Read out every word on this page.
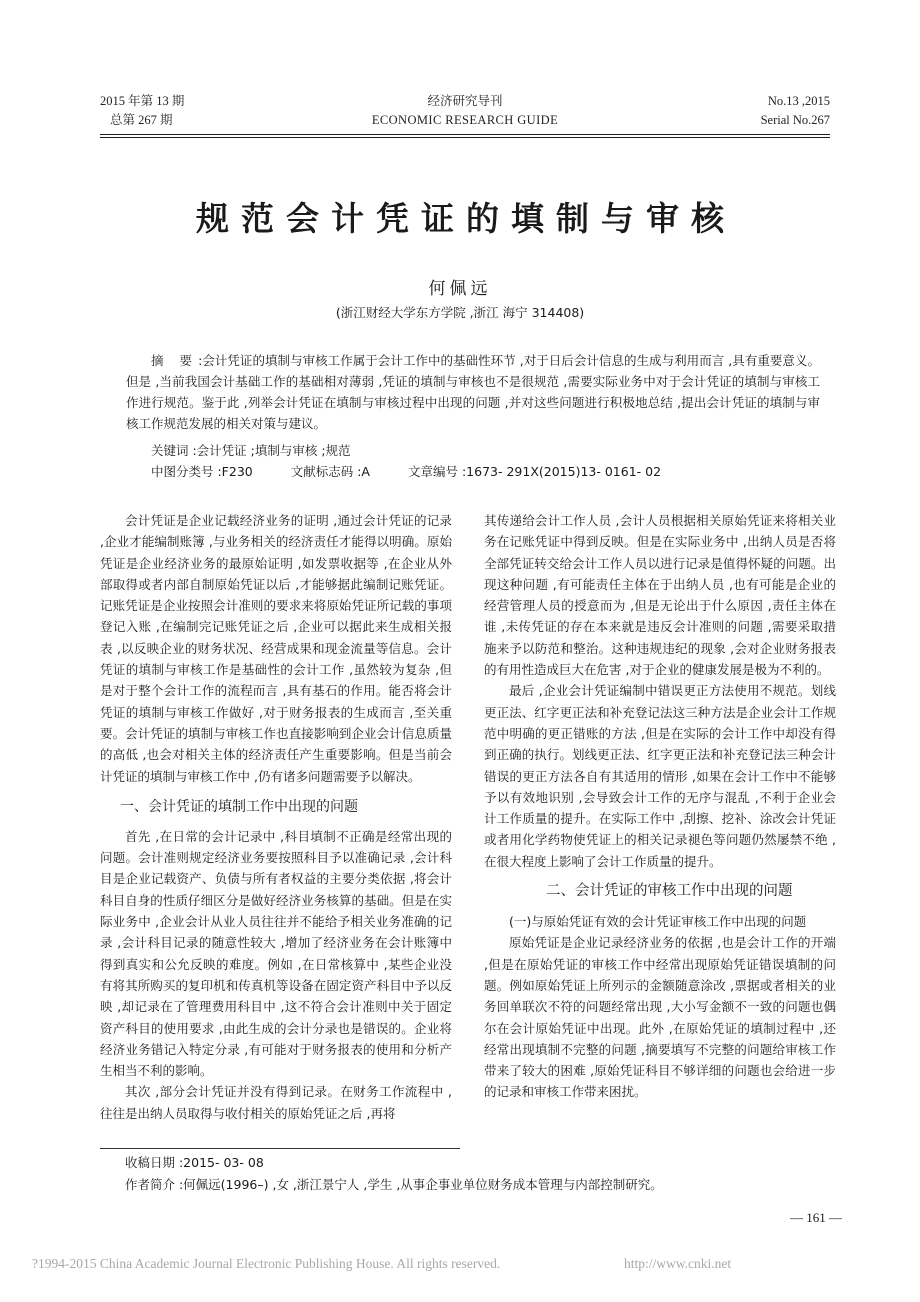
2015 年第 13 期
总第 267 期
经济研究导刊
ECONOMIC RESEARCH GUIDE
No.13 ,2015
Serial No.267
规范会计凭证的填制与审核
何佩远
(浙江财经大学东方学院 ,浙江 海宁 314408)

摘 要:会计凭证的填制与审核工作属于会计工作中的基础性环节 ,对于日后会计信息的生成与利用而言 ,具有重要意义。但是 ,当前我国会计基础工作的基础相对薄弱 ,凭证的填制与审核也不是很规范 ,需要实际业务中对于会计凭证的填制与审核工作进行规范。鉴于此 ,列举会计凭证在填制与审核过程中出现的问题 ,并对这些问题进行积极地总结 ,提出会计凭证的填制与审核工作规范发展的相关对策与建议。

关键词 :会计凭证 ;填制与审核 ;规范
中图分类号 :F230	文献标志码 :A	文章编号 :1673- 291X(2015)13- 0161- 02

会计凭证是企业记载经济业务的证明 ,通过会计凭证的记录 ,企业才能编制账簿 ,与业务相关的经济责任才能得以明确。原始凭证是企业经济业务的最原始证明 ,如发票收据等 ,在企业从外部取得或者内部自制原始凭证以后 ,才能够据此编制记账凭证。记账凭证是企业按照会计准则的要求来将原始凭证所记载的事项登记入账 ,在编制完记账凭证之后 ,企业可以据此来生成相关报表 ,以反映企业的财务状况、经营成果和现金流量等信息。会计凭证的填制与审核工作是基础性的会计工作 ,虽然较为复杂 ,但是对于整个会计工作的流程而言 ,具有基石的作用。能否将会计凭证的填制与审核工作做好 ,对于财务报表的生成而言 ,至关重要。会计凭证的填制与审核工作也直接影响到企业会计信息质量的高低 ,也会对相关主体的经济责任产生重要影响。但是当前会计凭证的填制与审核工作中 ,仍有诸多问题需要予以解决。

一、会计凭证的填制工作中出现的问题

首先 ,在日常的会计记录中 ,科目填制不正确是经常出现的问题。会计准则规定经济业务要按照科目予以准确记录 ,会计科目是企业记载资产、负债与所有者权益的主要分类依据 ,将会计科目自身的性质仔细区分是做好经济业务核算的基础。但是在实际业务中 ,企业会计从业人员往往并不能给予相关业务准确的记录 ,会计科目记录的随意性较大 ,增加了经济业务在会计账簿中得到真实和公允反映的难度。例如 ,在日常核算中 ,某些企业没有将其所购买的复印机和传真机等设备在固定资产科目中予以反映 ,却记录在了管理费用科目中 ,这不符合会计准则中关于固定资产科目的使用要求 ,由此生成的会计分录也是错误的。企业将经济业务错记入特定分录 ,有可能对于财务报表的使用和分析产生相当不利的影响。

其次 ,部分会计凭证并没有得到记录。在财务工作流程中 ,往往是出纳人员取得与收付相关的原始凭证之后 ,再将

其传递给会计工作人员 ,会计人员根据相关原始凭证来将相关业务在记账凭证中得到反映。但是在实际业务中 ,出纳人员是否将全部凭证转交给会计工作人员以进行记录是值得怀疑的问题。出现这种问题 ,有可能责任主体在于出纳人员 ,也有可能是企业的经营管理人员的授意而为 ,但是无论出于什么原因 ,责任主体在谁 ,未传凭证的存在本来就是违反会计准则的问题 ,需要采取措施来予以防范和整治。这种违规违纪的现象 ,会对企业财务报表的有用性造成巨大在危害 ,对于企业的健康发展是极为不利的。

最后 ,企业会计凭证编制中错误更正方法使用不规范。划线更正法、红字更正法和补充登记法这三种方法是企业会计工作规范中明确的更正错账的方法 ,但是在实际的会计工作中却没有得到正确的执行。划线更正法、红字更正法和补充登记法三种会计错误的更正方法各自有其适用的情形 ,如果在会计工作中不能够予以有效地识别 ,会导致会计工作的无序与混乱 ,不利于企业会计工作质量的提升。在实际工作中 ,刮擦、挖补、涂改会计凭证或者用化学药物使凭证上的相关记录褪色等问题仍然屡禁不绝 ,在很大程度上影响了会计工作质量的提升。

二、会计凭证的审核工作中出现的问题
(一)与原始凭证有效的会计凭证审核工作中出现的问题

原始凭证是企业记录经济业务的依据 ,也是会计工作的开端 ,但是在原始凭证的审核工作中经常出现原始凭证错误填制的问题。例如原始凭证上所列示的金额随意涂改 ,票据或者相关的业务回单联次不符的问题经常出现 ,大小写金额不一致的问题也偶尔在会计原始凭证中出现。此外 ,在原始凭证的填制过程中 ,还经常出现填制不完整的问题 ,摘要填写不完整的问题给审核工作带来了较大的困难 ,原始凭证科目不够详细的问题也会给进一步的记录和审核工作带来困扰。

收稿日期 :2015- 03- 08
作者简介 :何佩远(1996–) ,女 ,浙江景宁人 ,学生 ,从事企事业单位财务成本管理与内部控制研究。
— 161 —
?1994-2015 China Academic Journal Electronic Publishing House. All rights reserved.	http://www.cnki.net
